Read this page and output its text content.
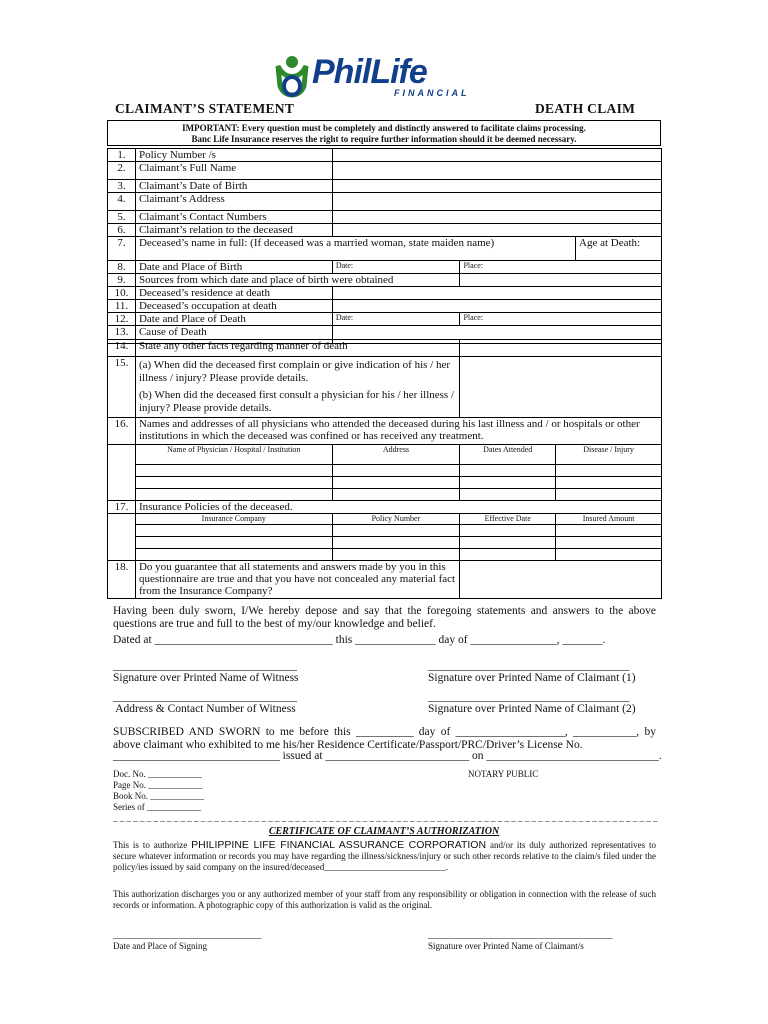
PhilLife
FINANCIAL
CLAIMANT’S STATEMENT	DEATH CLAIM
IMPORTANT: Every question must be completely and distinctly answered to facilitate claims processing.
Banc Life Insurance reserves the right to require further information should it be deemed necessary.
1.	Policy Number /s			
2.	Claimant’s Full Name			
3.	Claimant’s Date of Birth			
4.	Claimant’s Address			
5.	Claimant’s Contact Numbers			
6.	Claimant’s relation to the deceased			
7.	Deceased’s name in full: (If deceased was a married woman, state maiden name)			Age at Death:
8.	Date and Place of Birth	Date:	Place:	
9.	Sources from which date and place of birth were obtained			
10.	Deceased’s residence at death			
11.	Deceased’s occupation at death			
12.	Date and Place of Death	Date:	Place:	
13.	Cause of Death			
14.	State any other facts regarding manner of death			
15.	(a) When did the deceased first complain or give indication of his / her illness / injury? Please provide details.
(b) When did the deceased first consult a physician for his / her illness / injury? Please provide details.			

16.	Names and addresses of all physicians who attended the deceased during his last illness and / or hospitals or other institutions in which the deceased was confined or has received any treatment.			
	Name of Physician / Hospital / Institution	Address	Dates Attended	Disease / Injury

17.	Insurance Policies of the deceased.			
	Insurance Company	Policy Number	Effective Date	Insured Amount

18.	Do you guarantee that all statements and answers made by you in this questionnaire are true and that you have not concealed any material fact from the Insurance Company?			
Having been duly sworn, I/We hereby depose and say that the foregoing statements and answers to the above questions are true and full to the best of my/our knowledge and belief.
Dated at _______________________________ this ______________ day of _______________, _______.
________________________________
Signature over Printed Name of Witness
___________________________________
Signature over Printed Name of Claimant (1)
________________________________
Address & Contact Number of Witness
___________________________________
Signature over Printed Name of Claimant (2)
SUBSCRIBED AND SWORN to me before this __________ day of ___________________, ___________, by above claimant who exhibited to me his/her Residence Certificate/Passport/PRC/Driver’s License No.
_____________________________ issued at _________________________ on ______________________________.
Doc. No. ____________
Page No. ____________
Book No. ____________
Series of ____________
NOTARY PUBLIC
_ _ _ _ _ _ _ _ _ _ _ _ _ _ _ _ _ _ _ _ _ _ _ _ _ _ _ _ _ _ _ _ _ _ _ _ _ _ _ _ _ _ _ _ _ _ _ _ _ _ _ _ _ _ _ _ _ _ _ _ _ _ _ _ _ _ _ _ _ _ _ _ _ _ _ _ _ _ _ _ _
CERTIFICATE OF CLAIMANT’S AUTHORIZATION
This is to authorize PHILIPPINE LIFE FINANCIAL ASSURANCE CORPORATION and/or its duly authorized representatives to secure whatever information or records you may have regarding the illness/sickness/injury or such other records relative to the claim/s filed under the policy/ies issued by said company on the insured/deceased___________________________.
This authorization discharges you or any authorized member of your staff from any responsibility or obligation in connection with the release of such records or information. A photographic copy of this authorization is valid as the original.
_________________________________
Date and Place of Signing
_________________________________________
Signature over Printed Name of Claimant/s
